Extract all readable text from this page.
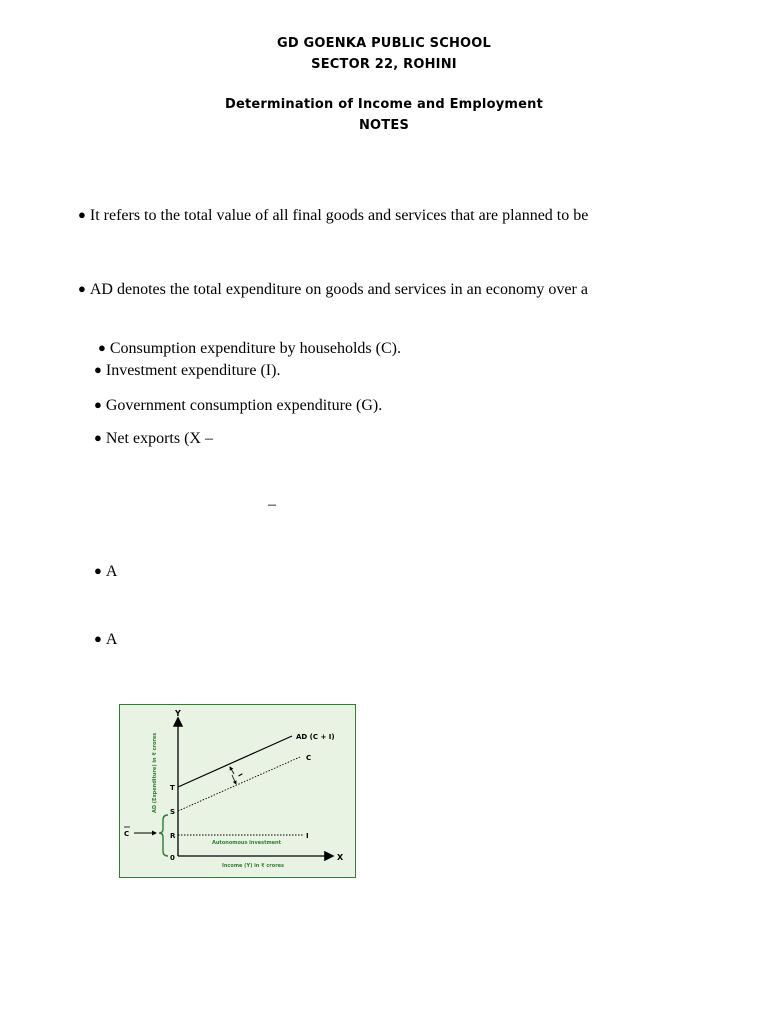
GD GOENKA PUBLIC SCHOOL
SECTOR 22, ROHINI
Determination of Income and Employment
NOTES
● It refers to the total value of all final goods and services that are planned to be
● AD denotes the total expenditure on goods and services in an economy over a
● Consumption expenditure by households (C).
● Investment expenditure (I).
● Government consumption expenditure (G).
● Net exports (X –
–
● A
● A
Y
X
0
AD (Expenditure) in ₹ crores
Income (Y) in ₹ crores
AD (C + I)
C
I
Autonomous investment
I
T
S
R
C
